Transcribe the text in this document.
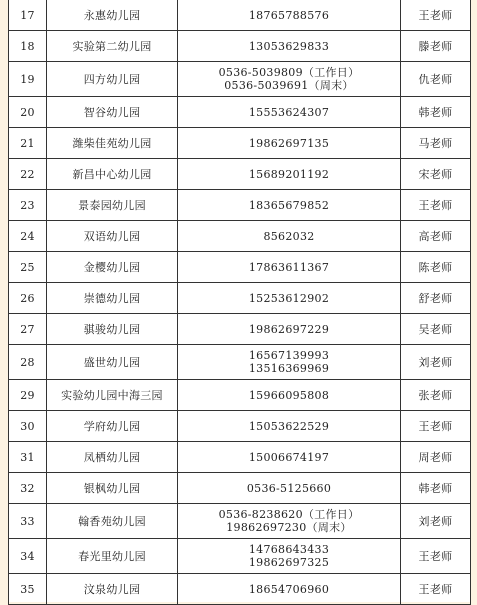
17	永惠幼儿园	18765788576	王老师
18	实验第二幼儿园	13053629833	滕老师
19	四方幼儿园	0536-5039809（工作日）
0536-5039691（周末）	仇老师
20	智谷幼儿园	15553624307	韩老师
21	潍柴佳苑幼儿园	19862697135	马老师
22	新昌中心幼儿园	15689201192	宋老师
23	景泰园幼儿园	18365679852	王老师
24	双语幼儿园	8562032	高老师
25	金樱幼儿园	17863611367	陈老师
26	崇德幼儿园	15253612902	舒老师
27	骐骏幼儿园	19862697229	吴老师
28	盛世幼儿园	16567139993
13516369969	刘老师
29	实验幼儿园中海三园	15966095808	张老师
30	学府幼儿园	15053622529	王老师
31	凤栖幼儿园	15006674197	周老师
32	银枫幼儿园	0536-5125660	韩老师
33	翰香苑幼儿园	0536-8238620（工作日）
19862697230（周末）	刘老师
34	春光里幼儿园	14768643433
19862697325	王老师
35	汶泉幼儿园	18654706960	王老师
